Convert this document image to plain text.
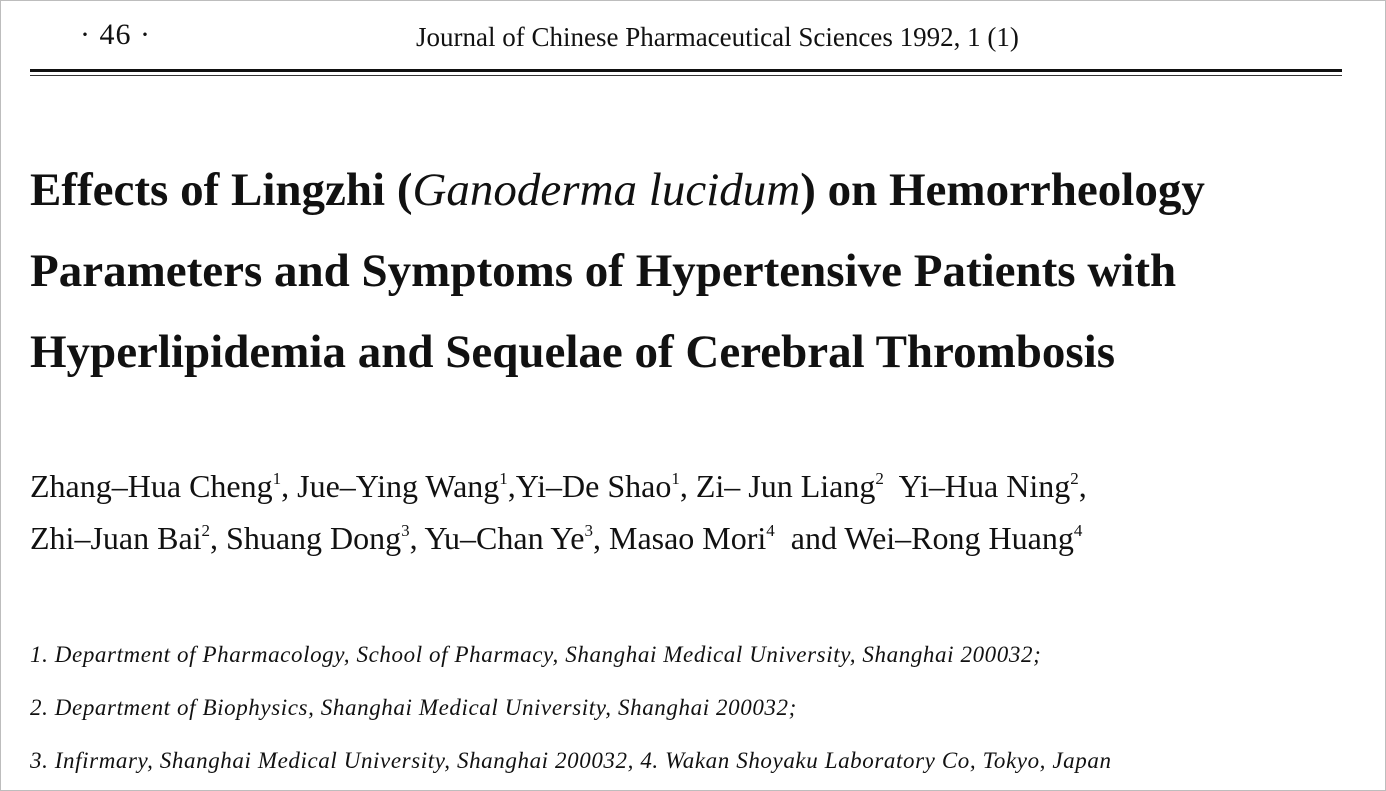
· 46 ·	Journal of Chinese Pharmaceutical Sciences 1992, 1 (1)
Effects of Lingzhi (Ganoderma lucidum) on Hemorrheology
Parameters and Symptoms of Hypertensive Patients with
Hyperlipidemia and Sequelae of Cerebral Thrombosis
Zhang–Hua Cheng$^1$, Jue–Ying Wang$^1$,Yi–De Shao$^1$, Zi– Jun Liang$^2$ Yi–Hua Ning$^2$,
Zhi–Juan Bai$^2$, Shuang Dong$^3$, Yu–Chan Ye$^3$, Masao Mori$^4$  and Wei–Rong Huang$^4$
1. Department of Pharmacology, School of Pharmacy, Shanghai Medical University, Shanghai 200032;
2. Department of Biophysics, Shanghai Medical University, Shanghai 200032;
3. Infirmary, Shanghai Medical University, Shanghai 200032, 4. Wakan Shoyaku Laboratory Co, Tokyo, Japan
